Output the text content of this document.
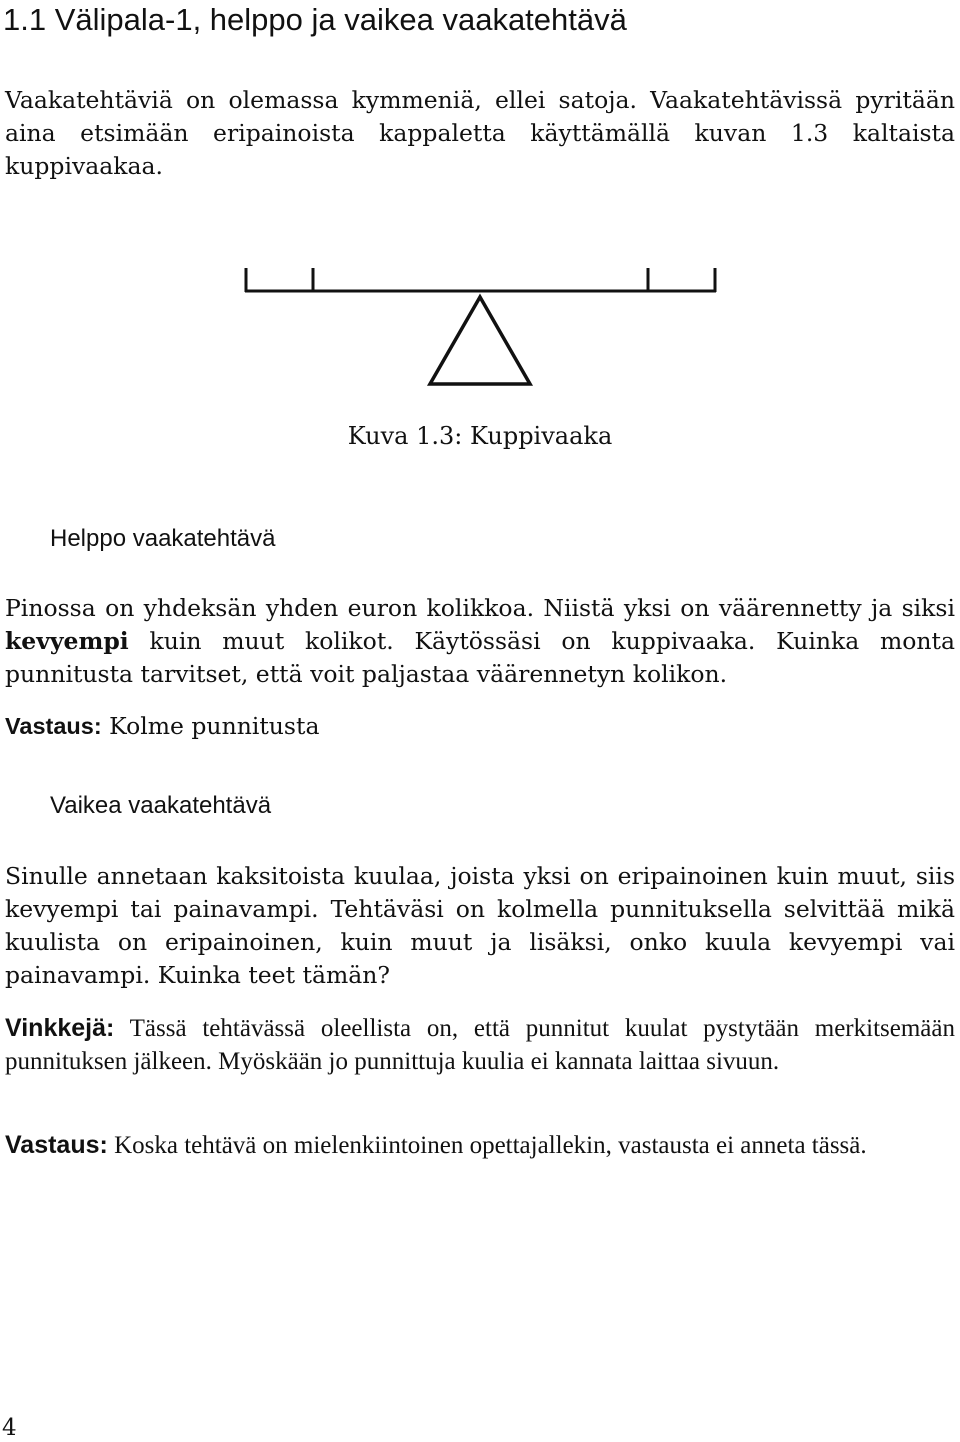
1.1 Välipala-1, helppo ja vaikea vaakatehtävä

Vaakatehtäviä on olemassa kymmeniä, ellei satoja. Vaakatehtävissä pyritään aina etsimään eripainoista kappaletta käyttämällä kuvan 1.3 kaltaista kuppivaakaa.

Kuva 1.3: Kuppivaaka
Helppo vaakatehtävä

Pinossa on yhdeksän yhden euron kolikkoa. Niistä yksi on väärennetty ja siksi kevyempi kuin muut kolikot. Käytössäsi on kuppivaaka. Kuinka monta punnitusta tarvitset, että voit paljastaa väärennetyn kolikon.

Vastaus: Kolme punnitusta

Vaikea vaakatehtävä

Sinulle annetaan kaksitoista kuulaa, joista yksi on eripainoinen kuin muut, siis kevyempi tai painavampi. Tehtäväsi on kolmella punnituksella selvittää mikä kuulista on eripainoinen, kuin muut ja lisäksi, onko kuula kevyempi vai painavampi. Kuinka teet tämän?

Vinkkejä: Tässä tehtävässä oleellista on, että punnitut kuulat pystytään merkitsemään punnituksen jälkeen. Myöskään jo punnittuja kuulia ei kannata laittaa sivuun.

Vastaus: Koska tehtävä on mielenkiintoinen opettajallekin, vastausta ei anneta tässä.

4
